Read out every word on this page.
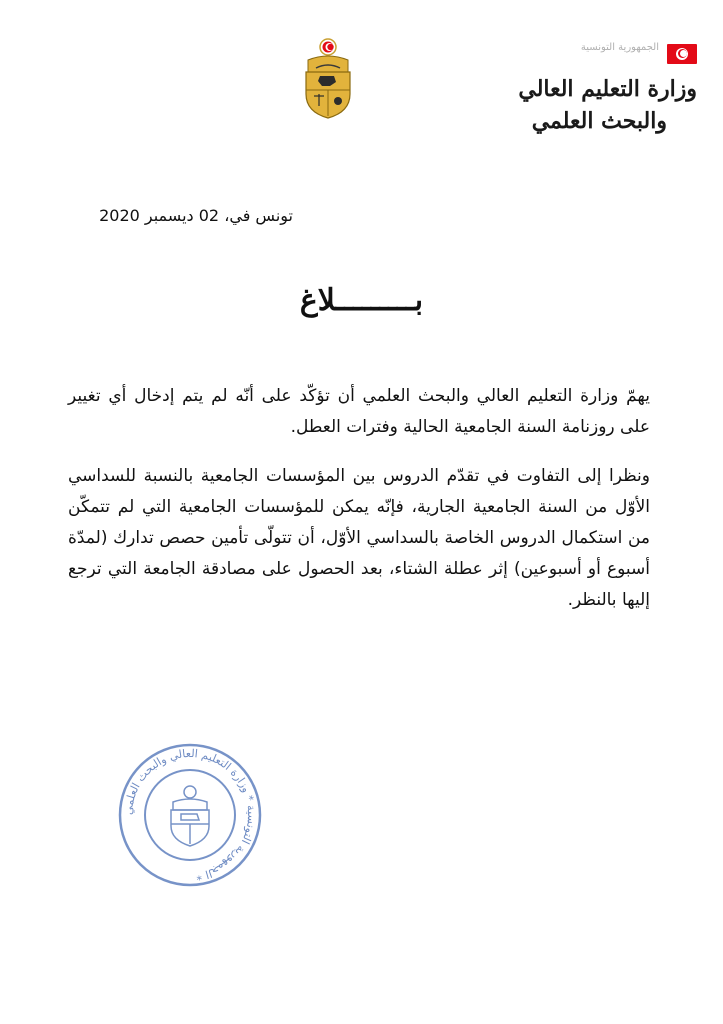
الجمهورية التونسية
وزارة التعليم العالي
والبحث العلمي
تونس في، 02 ديسمبر 2020
بـــــــــلاغ

يهمّ وزارة التعليم العالي والبحث العلمي أن تؤكّد على أنّه لم يتم إدخال أي تغيير على روزنامة السنة الجامعية الحالية وفترات العطل.

ونظرا إلى التفاوت في تقدّم الدروس بين المؤسسات الجامعية بالنسبة للسداسي الأوّل من السنة الجامعية الجارية، فإنّه يمكن للمؤسسات الجامعية التي لم تتمكّن من استكمال الدروس الخاصة بالسداسي الأوّل، أن تتولّى تأمين حصص تدارك (لمدّة أسبوع أو أسبوعين) إثر عطلة الشتاء، بعد الحصول على مصادقة الجامعة التي ترجع إليها بالنظر.

الجمهورية التونسية * وزارة التعليم العالي والبحث العلمي *
